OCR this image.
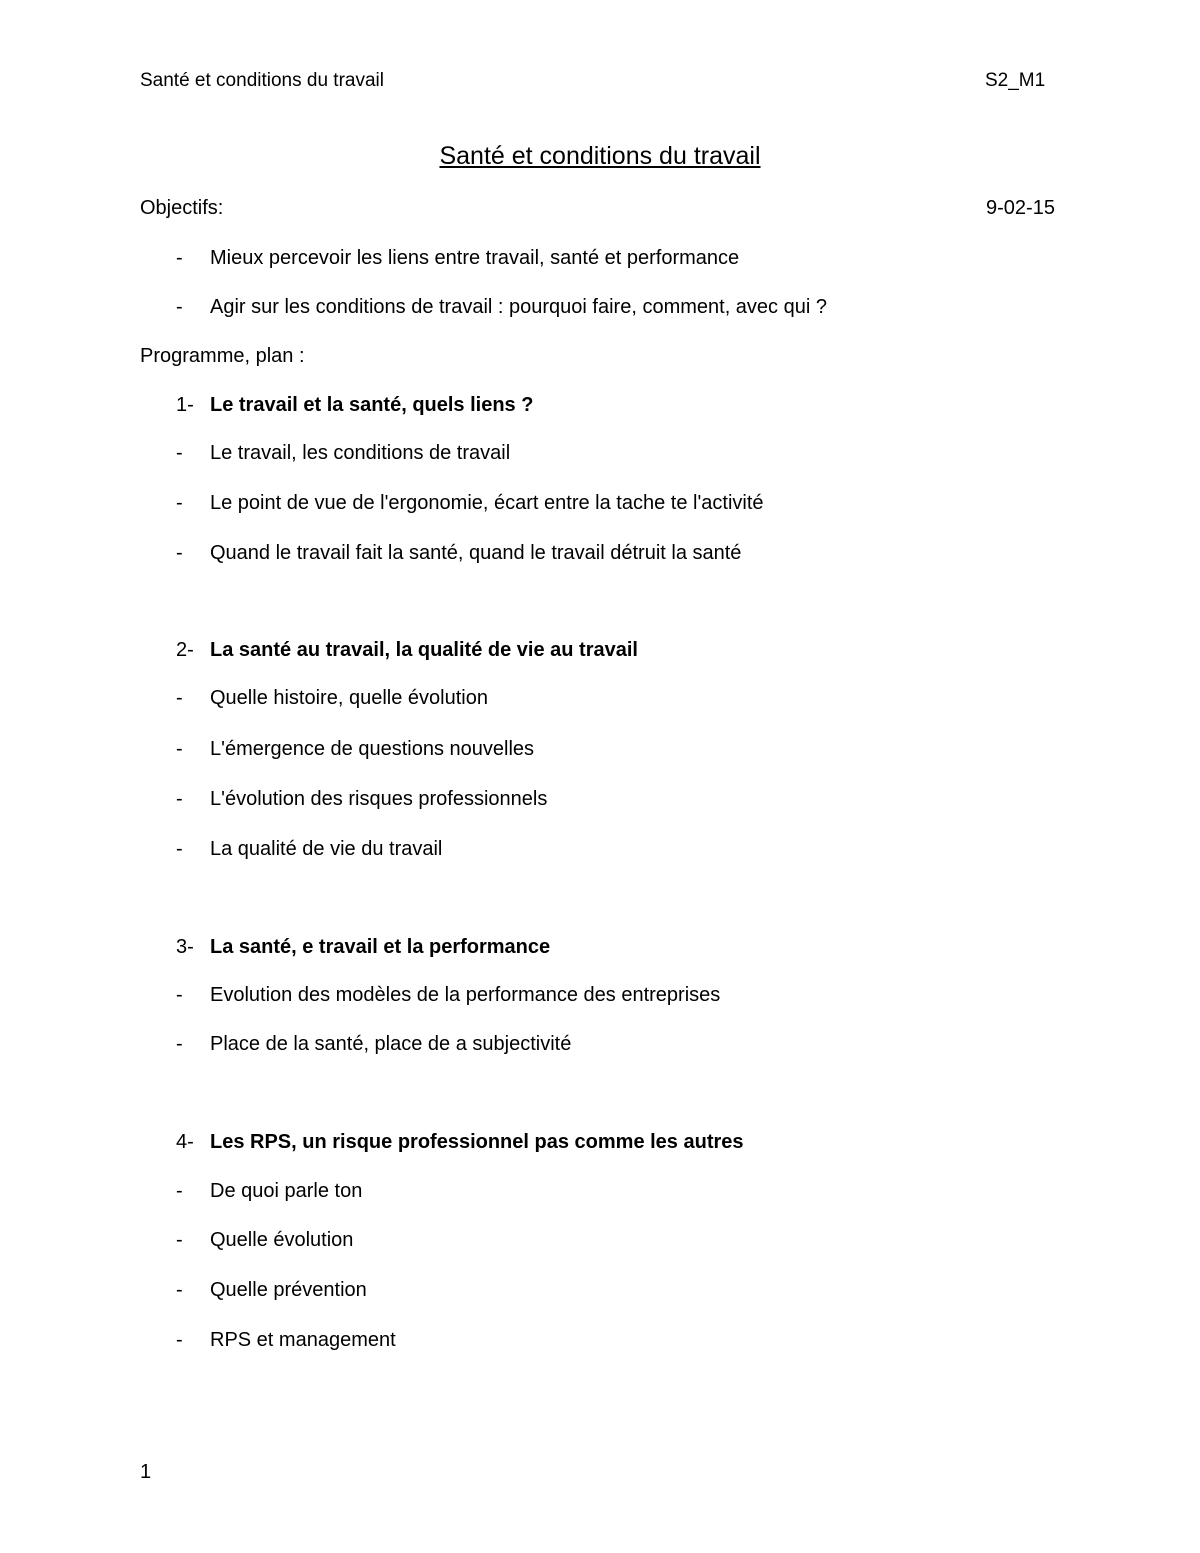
Santé et conditions du travail	S2_M1
Santé et conditions du travail
Objectifs:	9-02-15
- Mieux percevoir les liens entre travail, santé et performance
- Agir sur les conditions de travail : pourquoi faire, comment, avec qui ?
Programme, plan :
1- Le travail et la santé, quels liens ?
- Le travail, les conditions de travail
- Le point de vue de l'ergonomie, écart entre la tache te l'activité
- Quand le travail fait la santé, quand le travail détruit la santé
2- La santé au travail, la qualité de vie au travail
- Quelle histoire, quelle évolution
- L'émergence de questions nouvelles
- L'évolution des risques professionnels
- La qualité de vie du travail
3- La santé, e travail et la performance
- Evolution des modèles de la performance des entreprises
- Place de la santé, place de a subjectivité
4- Les RPS, un risque professionnel pas comme les autres
- De quoi parle ton
- Quelle évolution
- Quelle prévention
- RPS et management
1
